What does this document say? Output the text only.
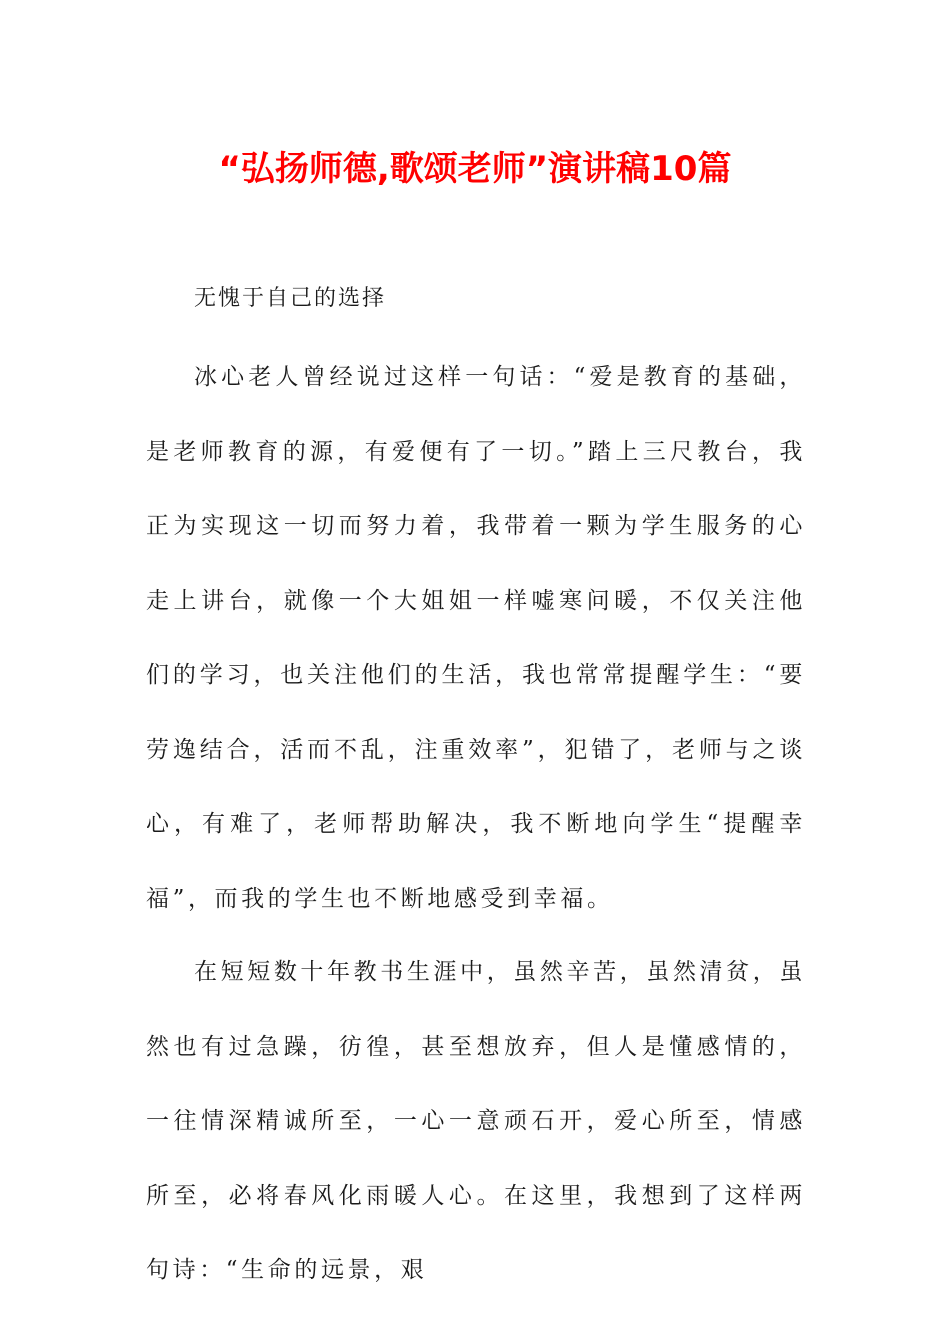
“弘扬师德,歌颂老师”演讲稿10篇

无愧于自己的选择

冰心老人曾经说过这样一句话：“爱是教育的基础，是老师教育的源，有爱便有了一切。”踏上三尺教台，我正为实现这一切而努力着，我带着一颗为学生服务的心走上讲台，就像一个大姐姐一样嘘寒问暖，不仅关注他们的学习，也关注他们的生活，我也常常提醒学生：“要劳逸结合，活而不乱，注重效率”，犯错了，老师与之谈心，有难了，老师帮助解决，我不断地向学生“提醒幸福”，而我的学生也不断地感受到幸福。

在短短数十年教书生涯中，虽然辛苦，虽然清贫，虽然也有过急躁，彷徨，甚至想放弃，但人是懂感情的，一往情深精诚所至，一心一意顽石开，爱心所至，情感所至，必将春风化雨暖人心。在这里，我想到了这样两句诗：“生命的远景，艰
